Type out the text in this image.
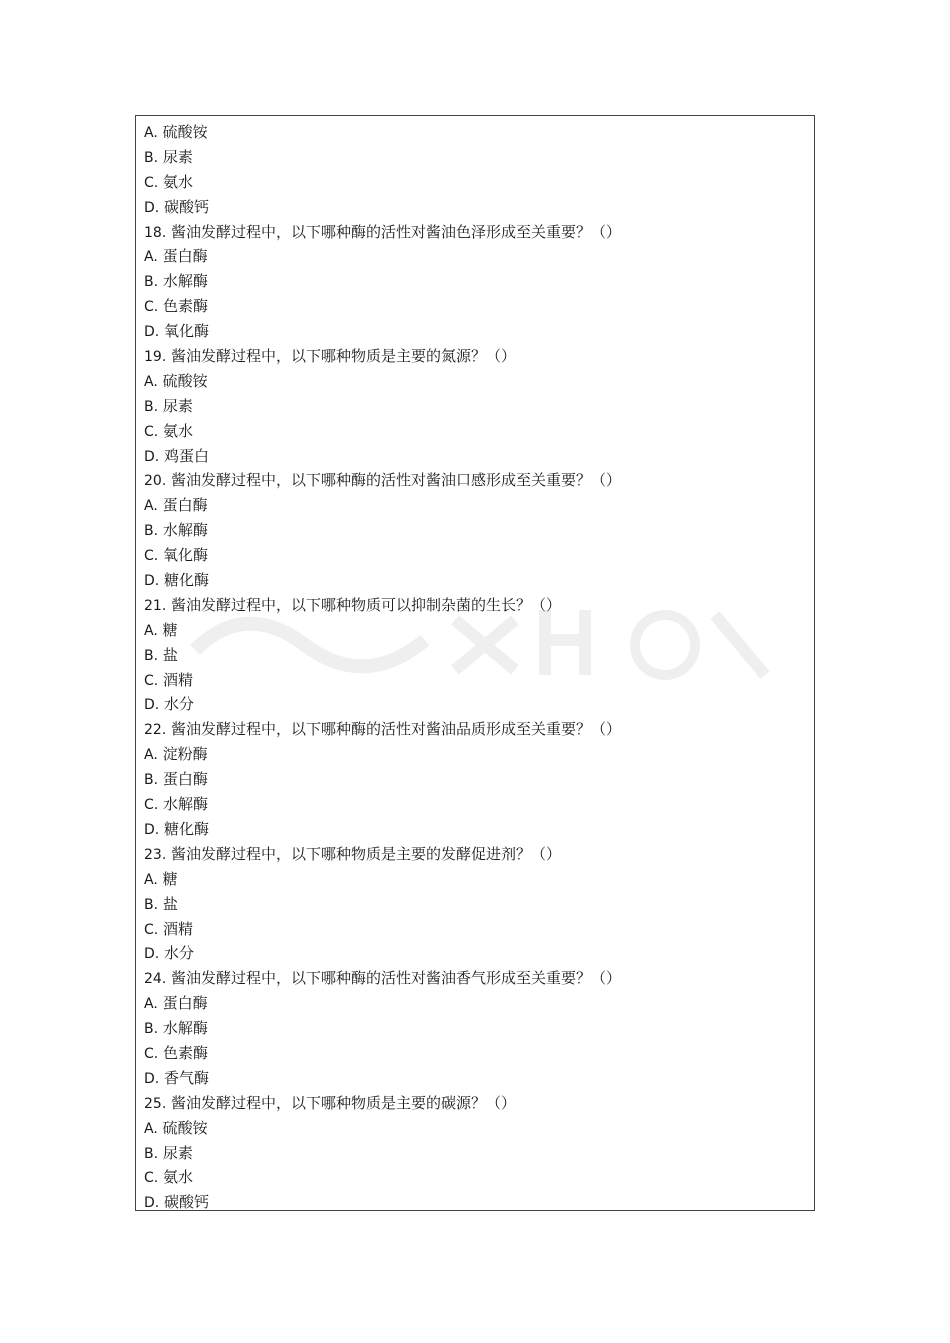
A. 硫酸铵
B. 尿素
C. 氨水
D. 碳酸钙
18. 酱油发酵过程中，以下哪种酶的活性对酱油色泽形成至关重要？（）
A. 蛋白酶
B. 水解酶
C. 色素酶
D. 氧化酶
19. 酱油发酵过程中，以下哪种物质是主要的氮源？（）
A. 硫酸铵
B. 尿素
C. 氨水
D. 鸡蛋白
20. 酱油发酵过程中，以下哪种酶的活性对酱油口感形成至关重要？（）
A. 蛋白酶
B. 水解酶
C. 氧化酶
D. 糖化酶
21. 酱油发酵过程中，以下哪种物质可以抑制杂菌的生长？（）
A. 糖
B. 盐
C. 酒精
D. 水分
22. 酱油发酵过程中，以下哪种酶的活性对酱油品质形成至关重要？（）
A. 淀粉酶
B. 蛋白酶
C. 水解酶
D. 糖化酶
23. 酱油发酵过程中，以下哪种物质是主要的发酵促进剂？（）
A. 糖
B. 盐
C. 酒精
D. 水分
24. 酱油发酵过程中，以下哪种酶的活性对酱油香气形成至关重要？（）
A. 蛋白酶
B. 水解酶
C. 色素酶
D. 香气酶
25. 酱油发酵过程中，以下哪种物质是主要的碳源？（）
A. 硫酸铵
B. 尿素
C. 氨水
D. 碳酸钙
